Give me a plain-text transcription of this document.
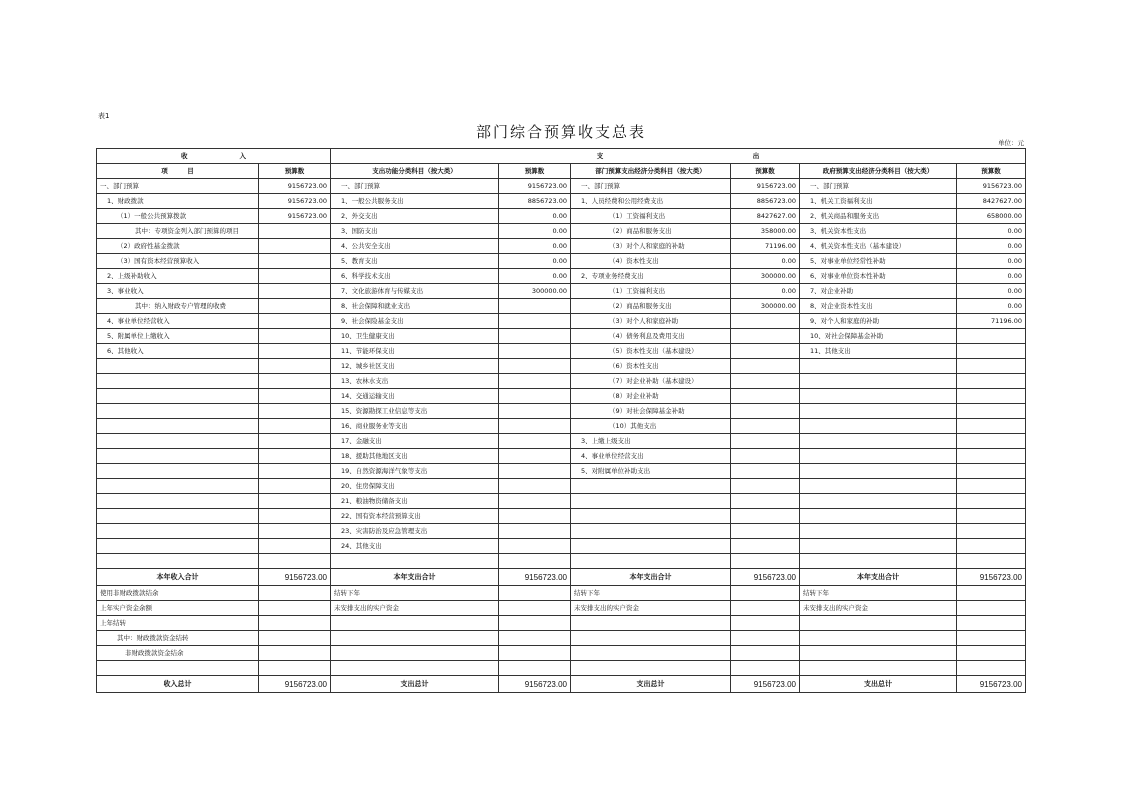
表1
部门综合预算收支总表
单位：元
收　　　　　　　　入		支　　　　　　　　　　　　　　　　　　　　　　　出					
项　　　目	预算数	支出功能分类科目（按大类）	预算数	部门预算支出经济分类科目（按大类）	预算数	政府预算支出经济分类科目（按大类）	预算数
一、部门预算	9156723.00	一、部门预算	9156723.00	一、部门预算	9156723.00	一、部门预算	9156723.00
1、财政拨款	9156723.00	1、一般公共服务支出	8856723.00	1、人员经费和公用经费支出	8856723.00	1、机关工资福利支出	8427627.00
（1）一般公共预算拨款	9156723.00	2、外交支出	0.00	（1）工资福利支出	8427627.00	2、机关商品和服务支出	658000.00
其中：专项资金列入部门预算的项目		3、国防支出	0.00	（2）商品和服务支出	358000.00	3、机关资本性支出	0.00
（2）政府性基金拨款		4、公共安全支出	0.00	（3）对个人和家庭的补助	71196.00	4、机关资本性支出（基本建设）	0.00
（3）国有资本经营预算收入		5、教育支出	0.00	（4）资本性支出	0.00	5、对事业单位经常性补助	0.00
2、上级补助收入		6、科学技术支出	0.00	2、专项业务经费支出	300000.00	6、对事业单位资本性补助	0.00
3、事业收入		7、文化旅游体育与传媒支出	300000.00	（1）工资福利支出	0.00	7、对企业补助	0.00
其中：纳入财政专户管理的收费		8、社会保障和就业支出		（2）商品和服务支出	300000.00	8、对企业资本性支出	0.00
4、事业单位经营收入		9、社会保险基金支出		（3）对个人和家庭补助		9、对个人和家庭的补助	71196.00
5、附属单位上缴收入		10、卫生健康支出		（4）债务利息及费用支出		10、对社会保障基金补助	
6、其他收入		11、节能环保支出		（5）资本性支出（基本建设）		11、其他支出	
		12、城乡社区支出		（6）资本性支出			
		13、农林水支出		（7）对企业补助（基本建设）			
		14、交通运输支出		（8）对企业补助			
		15、资源勘探工业信息等支出		（9）对社会保障基金补助			
		16、商业服务业等支出		（10）其他支出			
		17、金融支出		3、上缴上级支出			
		18、援助其他地区支出		4、事业单位经营支出			
		19、自然资源海洋气象等支出		5、对附属单位补助支出			
		20、住房保障支出					
		21、粮油物资储备支出					
		22、国有资本经营预算支出					
		23、灾害防治及应急管理支出					
		24、其他支出					

本年收入合计	9156723.00	本年支出合计	9156723.00	本年支出合计	9156723.00	本年支出合计	9156723.00
使用非财政拨款结余		结转下年		结转下年		结转下年	
上年实户资金余额		未安排支出的实户资金		未安排支出的实户资金		未安排支出的实户资金	
上年结转							
其中：财政拨款资金结转							
非财政拨款资金结余							

收入总计	9156723.00	支出总计	9156723.00	支出总计	9156723.00	支出总计	9156723.00
